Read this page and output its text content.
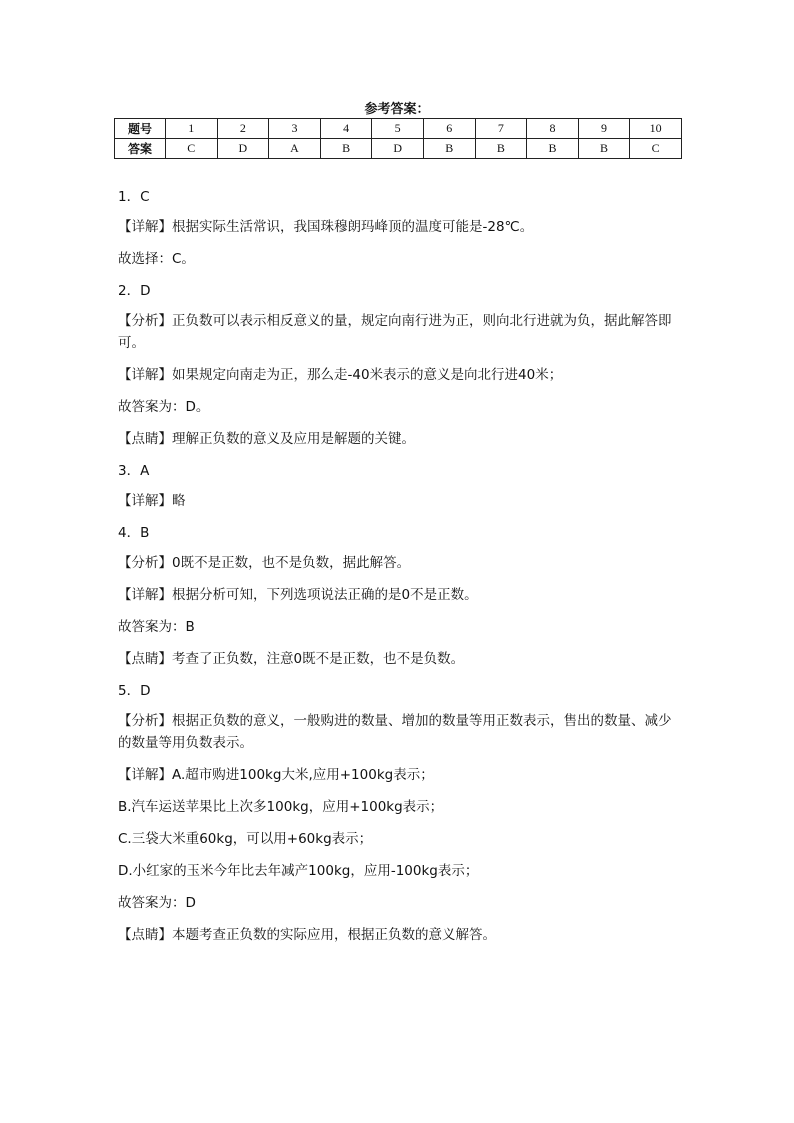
参考答案：
题号	1	2	3	4	5	6	7	8	9	10
答案	C	D	A	B	D	B	B	B	B	C

1．C

【详解】根据实际生活常识，我国珠穆朗玛峰顶的温度可能是-28℃。

故选择：C。

2．D

【分析】正负数可以表示相反意义的量，规定向南行进为正，则向北行进就为负，据此解答即可。

【详解】如果规定向南走为正，那么走-40米表示的意义是向北行进40米；

故答案为：D。

【点睛】理解正负数的意义及应用是解题的关键。

3．A

【详解】略

4．B

【分析】0既不是正数，也不是负数，据此解答。

【详解】根据分析可知，下列选项说法正确的是0不是正数。

故答案为：B

【点睛】考查了正负数，注意0既不是正数，也不是负数。

5．D

【分析】根据正负数的意义，一般购进的数量、增加的数量等用正数表示，售出的数量、减少的数量等用负数表示。

【详解】A.超市购进100kg大米,应用+100kg表示；

B.汽车运送苹果比上次多100kg，应用+100kg表示；

C.三袋大米重60kg，可以用+60kg表示；

D.小红家的玉米今年比去年减产100kg，应用-100kg表示；

故答案为：D

【点睛】本题考查正负数的实际应用，根据正负数的意义解答。
